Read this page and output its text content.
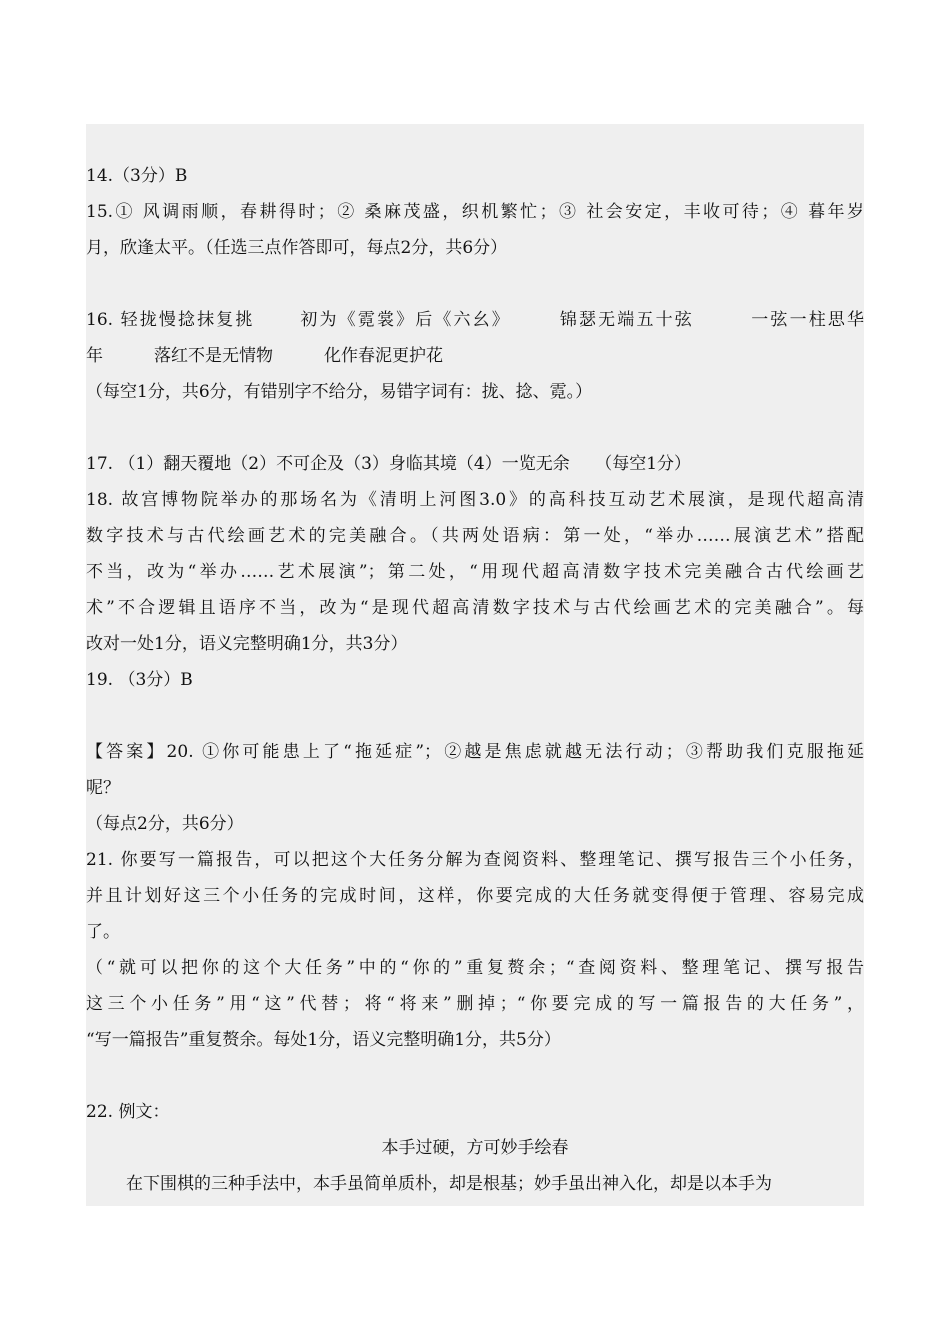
14.（3分）B
15.① 风调雨顺，春耕得时；② 桑麻茂盛，织机繁忙；③ 社会安定，丰收可待；④ 暮年岁
月，欣逢太平。（任选三点作答即可，每点2分，共6分）
16. 轻拢慢捻抹复挑　　 初为《霓裳》后《六幺》　　　锦瑟无端五十弦　　　一弦一柱思华
年　　　落红不是无情物　　　化作春泥更护花
（每空1分，共6分，有错别字不给分，易错字词有：拢、捻、霓。）
17. （1）翻天覆地（2）不可企及（3）身临其境（4）一览无余　　（每空1分）
18. 故宫博物院举办的那场名为《清明上河图3.0》的高科技互动艺术展演，是现代超高清
数字技术与古代绘画艺术的完美融合。（共两处语病：第一处，“举办……展演艺术”搭配
不当，改为“举办……艺术展演”；第二处，“用现代超高清数字技术完美融合古代绘画艺
术”不合逻辑且语序不当，改为“是现代超高清数字技术与古代绘画艺术的完美融合”。每
改对一处1分，语义完整明确1分，共3分）
19. （3分）B
【答案】20. ①你可能患上了“拖延症”；②越是焦虑就越无法行动；③帮助我们克服拖延
呢？
（每点2分，共6分）
21. 你要写一篇报告，可以把这个大任务分解为查阅资料、整理笔记、撰写报告三个小任务，
并且计划好这三个小任务的完成时间，这样，你要完成的大任务就变得便于管理、容易完成
了。
（“就可以把你的这个大任务”中的“你的”重复赘余；“查阅资料、整理笔记、撰写报告
这三个小任务”用“这”代替；将“将来”删掉；“你要完成的写一篇报告的大任务”，
“写一篇报告”重复赘余。每处1分，语义完整明确1分，共5分）
22. 例文：
本手过硬，方可妙手绘春
在下围棋的三种手法中，本手虽简单质朴，却是根基；妙手虽出神入化，却是以本手为
